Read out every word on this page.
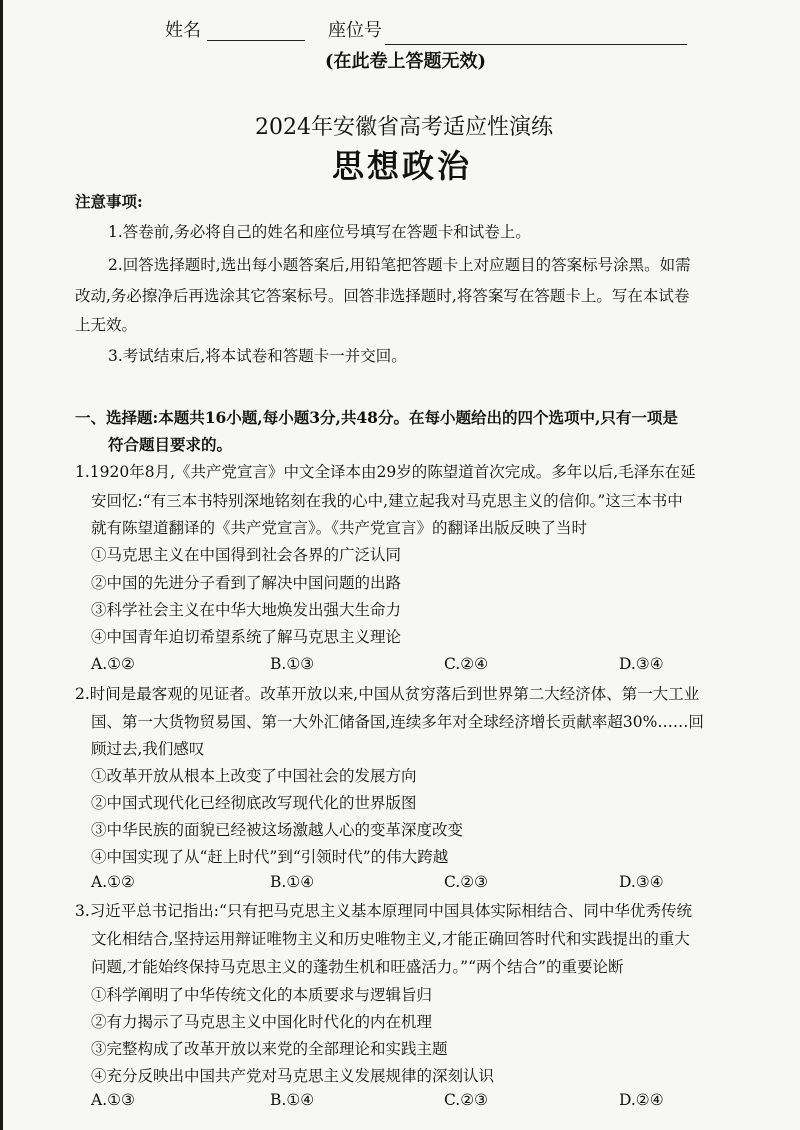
姓名	座位号
(在此卷上答题无效)
2024年安徽省高考适应性演练
思想政治
注意事项:
1.答卷前,务必将自己的姓名和座位号填写在答题卡和试卷上。
2.回答选择题时,选出每小题答案后,用铅笔把答题卡上对应题目的答案标号涂黑。如需
改动,务必擦净后再选涂其它答案标号。回答非选择题时,将答案写在答题卡上。写在本试卷
上无效。
3.考试结束后,将本试卷和答题卡一并交回。
一、选择题:本题共16小题,每小题3分,共48分。在每小题给出的四个选项中,只有一项是
符合题目要求的。
1.1920年8月,《共产党宣言》中文全译本由29岁的陈望道首次完成。多年以后,毛泽东在延
安回忆:“有三本书特别深地铭刻在我的心中,建立起我对马克思主义的信仰。”这三本书中
就有陈望道翻译的《共产党宣言》。《共产党宣言》的翻译出版反映了当时
①马克思主义在中国得到社会各界的广泛认同
②中国的先进分子看到了解决中国问题的出路
③科学社会主义在中华大地焕发出强大生命力
④中国青年迫切希望系统了解马克思主义理论
A.①②	B.①③	C.②④	D.③④
2.时间是最客观的见证者。改革开放以来,中国从贫穷落后到世界第二大经济体、第一大工业
国、第一大货物贸易国、第一大外汇储备国,连续多年对全球经济增长贡献率超30%……回
顾过去,我们感叹
①改革开放从根本上改变了中国社会的发展方向
②中国式现代化已经彻底改写现代化的世界版图
③中华民族的面貌已经被这场激越人心的变革深度改变
④中国实现了从“赶上时代”到“引领时代”的伟大跨越
A.①②	B.①④	C.②③	D.③④
3.习近平总书记指出:“只有把马克思主义基本原理同中国具体实际相结合、同中华优秀传统
文化相结合,坚持运用辩证唯物主义和历史唯物主义,才能正确回答时代和实践提出的重大
问题,才能始终保持马克思主义的蓬勃生机和旺盛活力。”“两个结合”的重要论断
①科学阐明了中华传统文化的本质要求与逻辑旨归
②有力揭示了马克思主义中国化时代化的内在机理
③完整构成了改革开放以来党的全部理论和实践主题
④充分反映出中国共产党对马克思主义发展规律的深刻认识
A.①③	B.①④	C.②③	D.②④
